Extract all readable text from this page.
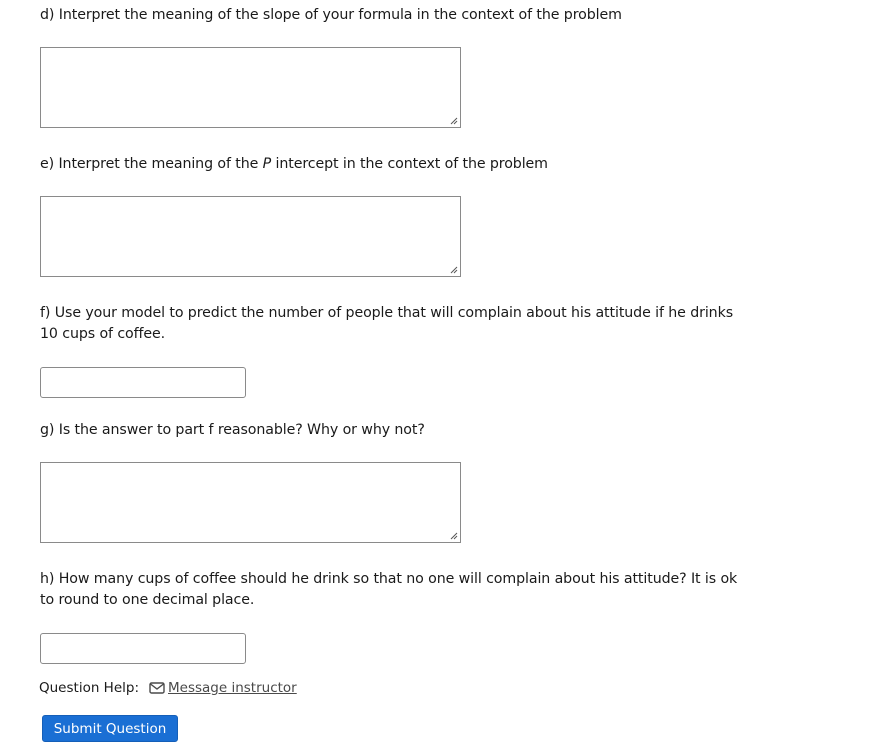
d) Interpret the meaning of the slope of your formula in the context of the problem
e) Interpret the meaning of the P intercept in the context of the problem
f) Use your model to predict the number of people that will complain about his attitude if he drinks
10 cups of coffee.
g) Is the answer to part f reasonable? Why or why not?
h) How many cups of coffee should he drink so that no one will complain about his attitude? It is ok
to round to one decimal place.
Question Help: Message instructor
Submit Question
